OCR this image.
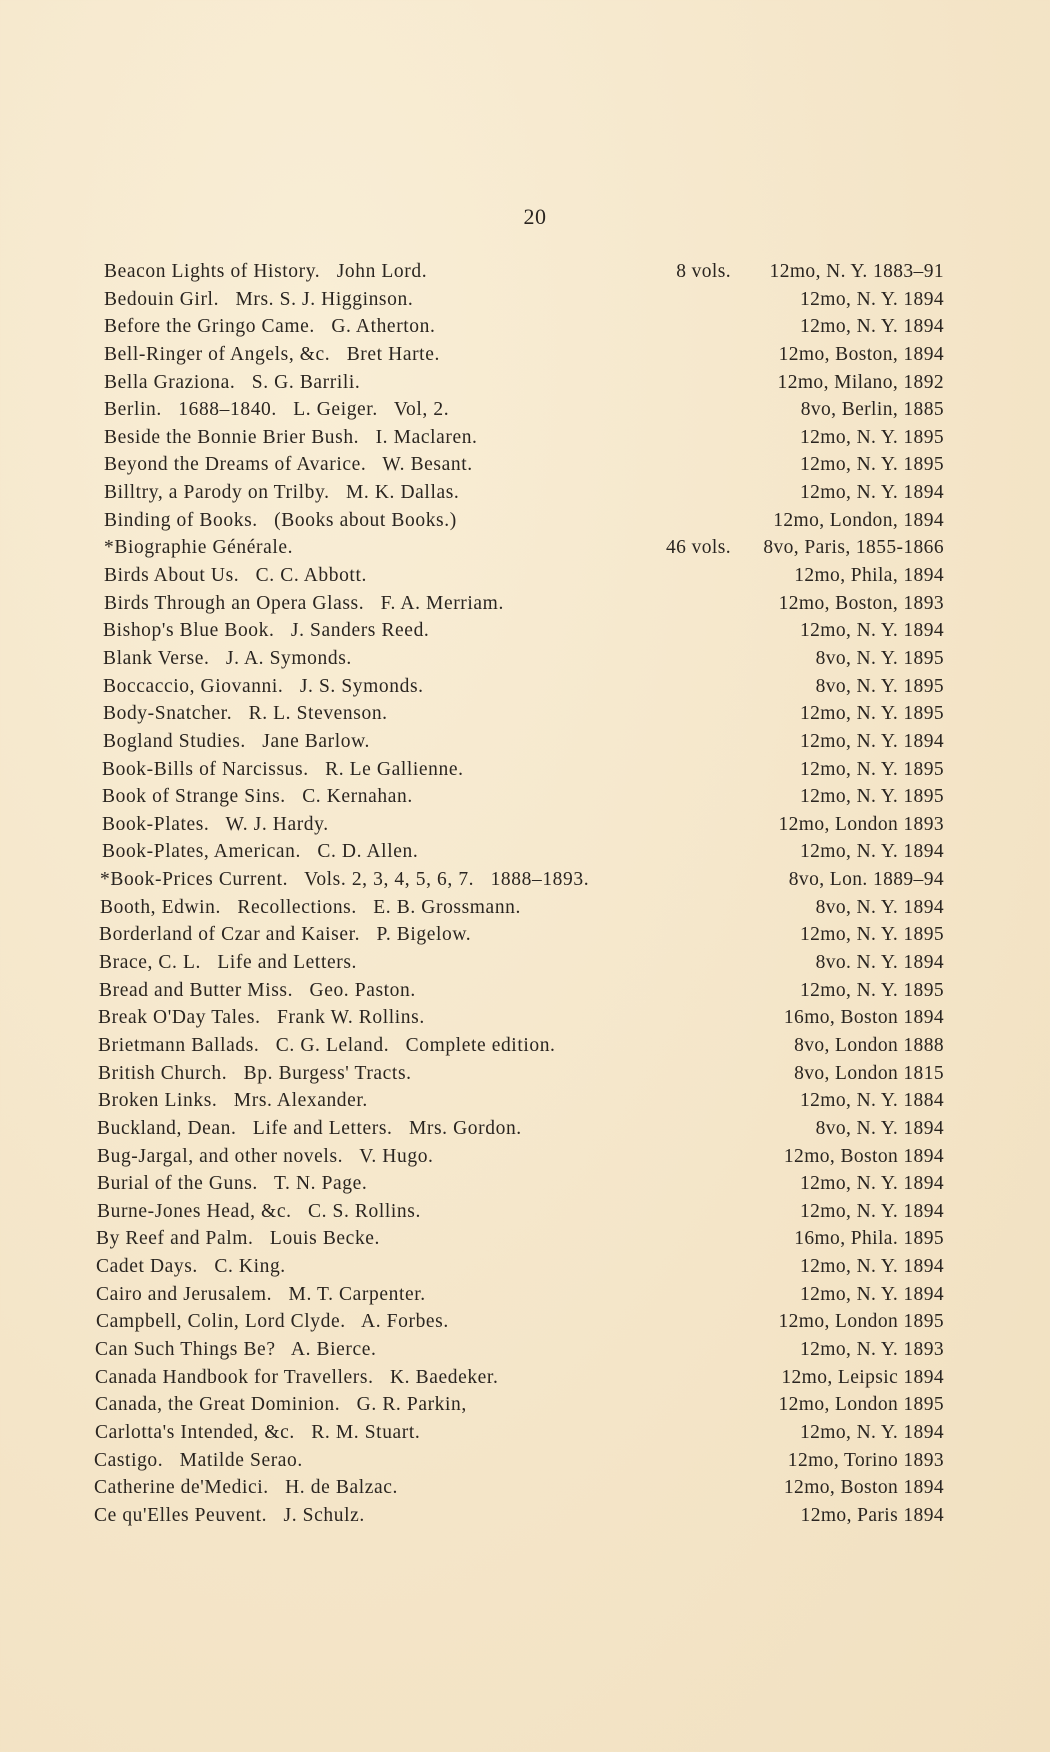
20
Beacon Lights of History.   John Lord.	8 vols. 12mo, N. Y. 1883–91
Bedouin Girl.   Mrs. S. J. Higginson.	12mo, N. Y. 1894
Before the Gringo Came.   G. Atherton.	12mo, N. Y. 1894
Bell-Ringer of Angels, &c.   Bret Harte.	12mo, Boston, 1894
Bella Graziona.   S. G. Barrili.	12mo, Milano, 1892
Berlin.   1688–1840.   L. Geiger.   Vol, 2.	8vo, Berlin, 1885
Beside the Bonnie Brier Bush.   I. Maclaren.	12mo, N. Y. 1895
Beyond the Dreams of Avarice.   W. Besant.	12mo, N. Y. 1895
Billtry, a Parody on Trilby.   M. K. Dallas.	12mo, N. Y. 1894
Binding of Books.   (Books about Books.)	12mo, London, 1894
*Biographie Générale.	46 vols. 8vo, Paris, 1855-1866
Birds About Us.   C. C. Abbott.	12mo, Phila, 1894
Birds Through an Opera Glass.   F. A. Merriam.	12mo, Boston, 1893
Bishop's Blue Book.   J. Sanders Reed.	12mo, N. Y. 1894
Blank Verse.   J. A. Symonds.	8vo, N. Y. 1895
Boccaccio, Giovanni.   J. S. Symonds.	8vo, N. Y. 1895
Body-Snatcher.   R. L. Stevenson.	12mo, N. Y. 1895
Bogland Studies.   Jane Barlow.	12mo, N. Y. 1894
Book-Bills of Narcissus.   R. Le Gallienne.	12mo, N. Y. 1895
Book of Strange Sins.   C. Kernahan.	12mo, N. Y. 1895
Book-Plates.   W. J. Hardy.	12mo, London 1893
Book-Plates, American.   C. D. Allen.	12mo, N. Y. 1894
*Book-Prices Current.   Vols. 2, 3, 4, 5, 6, 7.   1888–1893.	8vo, Lon. 1889–94
Booth, Edwin.   Recollections.   E. B. Grossmann.	8vo, N. Y. 1894
Borderland of Czar and Kaiser.   P. Bigelow.	12mo, N. Y. 1895
Brace, C. L.   Life and Letters.	8vo. N. Y. 1894
Bread and Butter Miss.   Geo. Paston.	12mo, N. Y. 1895
Break O'Day Tales.   Frank W. Rollins.	16mo, Boston 1894
Brietmann Ballads.   C. G. Leland.   Complete edition.	8vo, London 1888
British Church.   Bp. Burgess' Tracts.	8vo, London 1815
Broken Links.   Mrs. Alexander.	12mo, N. Y. 1884
Buckland, Dean.   Life and Letters.   Mrs. Gordon.	8vo, N. Y. 1894
Bug-Jargal, and other novels.   V. Hugo.	12mo, Boston 1894
Burial of the Guns.   T. N. Page.	12mo, N. Y. 1894
Burne-Jones Head, &c.   C. S. Rollins.	12mo, N. Y. 1894
By Reef and Palm.   Louis Becke.	16mo, Phila. 1895
Cadet Days.   C. King.	12mo, N. Y. 1894
Cairo and Jerusalem.   M. T. Carpenter.	12mo, N. Y. 1894
Campbell, Colin, Lord Clyde.   A. Forbes.	12mo, London 1895
Can Such Things Be?   A. Bierce.	12mo, N. Y. 1893
Canada Handbook for Travellers.   K. Baedeker.	12mo, Leipsic 1894
Canada, the Great Dominion.   G. R. Parkin,	12mo, London 1895
Carlotta's Intended, &c.   R. M. Stuart.	12mo, N. Y. 1894
Castigo.   Matilde Serao.	12mo, Torino 1893
Catherine de'Medici.   H. de Balzac.	12mo, Boston 1894
Ce qu'Elles Peuvent.   J. Schulz.	12mo, Paris 1894
